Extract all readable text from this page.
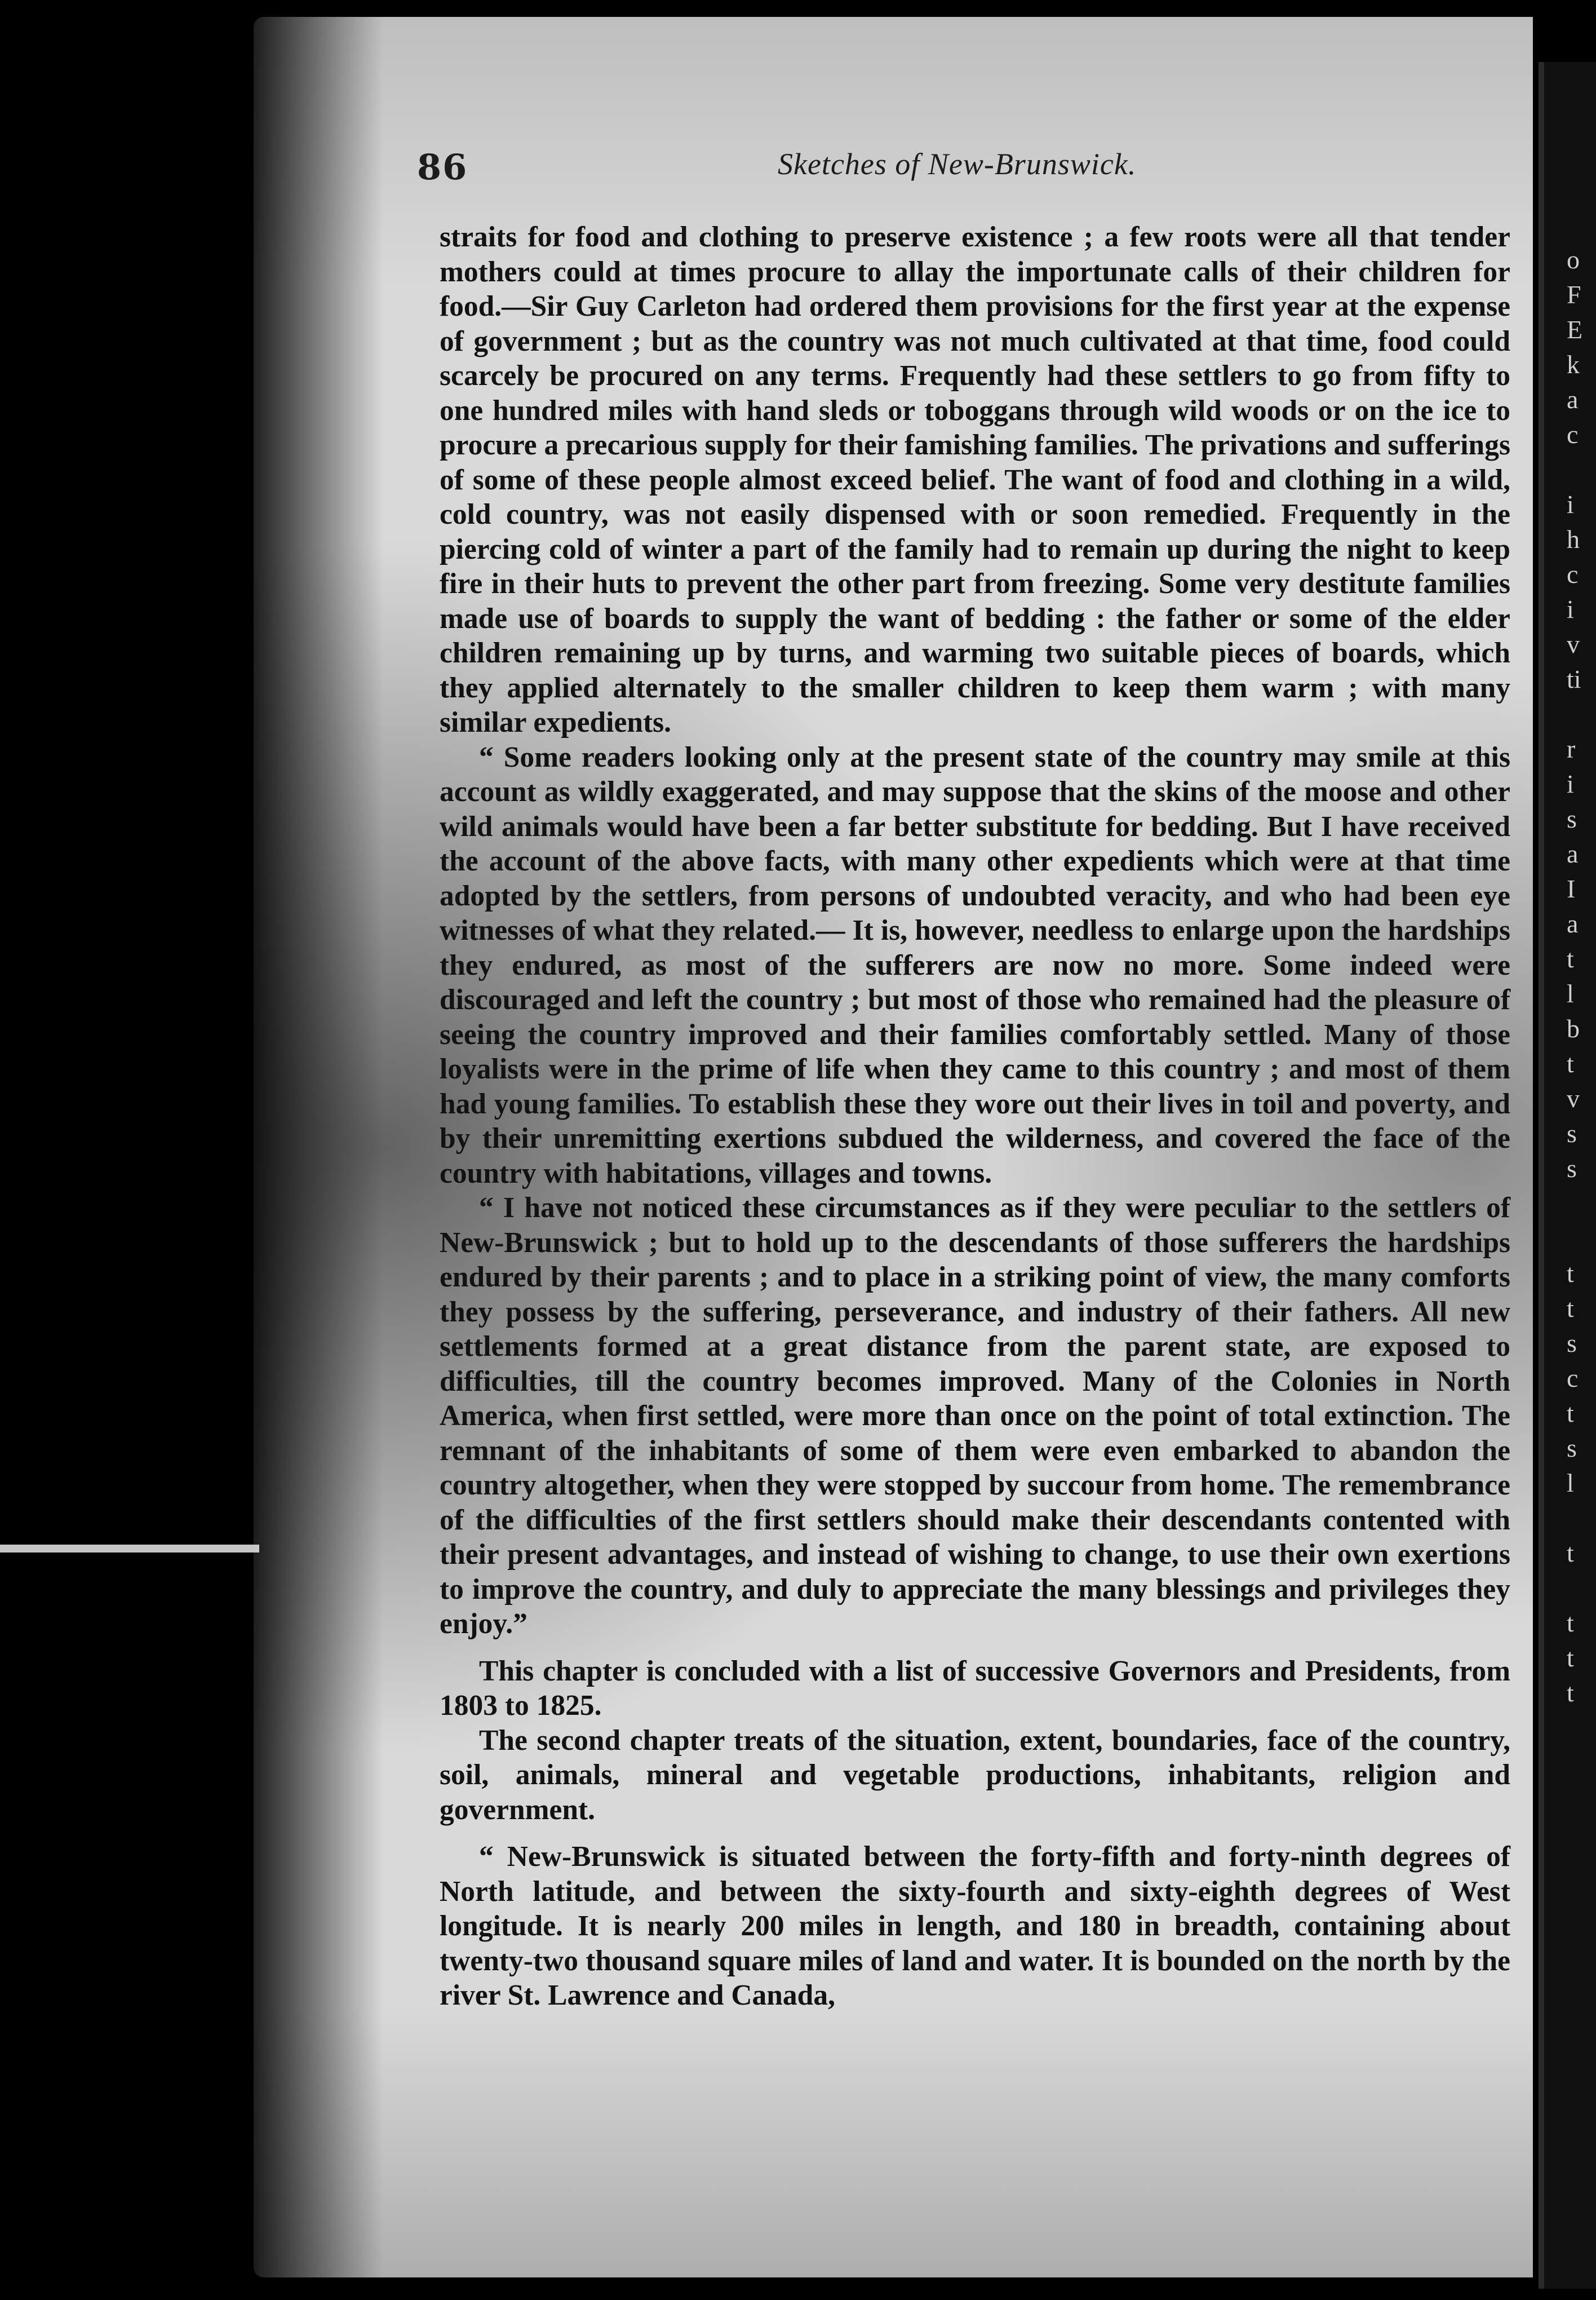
86	Sketches of New-Brunswick.

straits for food and clothing to preserve existence ; a few roots were all that tender mothers could at times procure to allay the importunate calls of their children for food.—Sir Guy Carleton had ordered them provisions for the first year at the expense of government ; but as the country was not much cultivated at that time, food could scarcely be procured on any terms. Frequently had these settlers to go from fifty to one hundred miles with hand sleds or toboggans through wild woods or on the ice to procure a precarious supply for their famishing families. The privations and sufferings of some of these people almost exceed belief. The want of food and clothing in a wild, cold country, was not easily dispensed with or soon remedied. Frequently in the piercing cold of winter a part of the family had to remain up during the night to keep fire in their huts to prevent the other part from freezing. Some very destitute families made use of boards to supply the want of bedding : the father or some of the elder children remaining up by turns, and warming two suitable pieces of boards, which they applied alternately to the smaller children to keep them warm ; with many similar expedients.

“ Some readers looking only at the present state of the country may smile at this account as wildly exaggerated, and may suppose that the skins of the moose and other wild animals would have been a far better substitute for bedding. But I have received the account of the above facts, with many other expedients which were at that time adopted by the settlers, from persons of undoubted veracity, and who had been eye witnesses of what they related.— It is, however, needless to enlarge upon the hardships they endured, as most of the sufferers are now no more. Some indeed were discouraged and left the country ; but most of those who remained had the pleasure of seeing the country improved and their families comfortably settled. Many of those loyalists were in the prime of life when they came to this country ; and most of them had young families. To establish these they wore out their lives in toil and poverty, and by their unremitting exertions subdued the wilderness, and covered the face of the country with habitations, villages and towns.

“ I have not noticed these circumstances as if they were peculiar to the settlers of New-Brunswick ; but to hold up to the descendants of those sufferers the hardships endured by their parents ; and to place in a striking point of view, the many comforts they possess by the suffering, perseverance, and industry of their fathers. All new settlements formed at a great distance from the parent state, are exposed to difficulties, till the country becomes improved. Many of the Colonies in North America, when first settled, were more than once on the point of total extinction. The remnant of the inhabitants of some of them were even embarked to abandon the country altogether, when they were stopped by succour from home. The remembrance of the difficulties of the first settlers should make their descendants contented with their present advantages, and instead of wishing to change, to use their own exertions to improve the country, and duly to appreciate the many blessings and privileges they enjoy.”

This chapter is concluded with a list of successive Governors and Presidents, from 1803 to 1825.

The second chapter treats of the situation, extent, boundaries, face of the country, soil, animals, mineral and vegetable productions, inhabitants, religion and government.

“ New-Brunswick is situated between the forty-fifth and forty-ninth degrees of North latitude, and between the sixty-fourth and sixty-eighth degrees of West longitude. It is nearly 200 miles in length, and 180 in breadth, containing about twenty-two thousand square miles of land and water. It is bounded on the north by the river St. Lawrence and Canada,

o
F
E
k
a
c
i
h
c
i
v
ti
r
i
s
a
I
a
t
l
b
t
v
s
s
t
t
s
c
t
s
l
t
t
t
t
